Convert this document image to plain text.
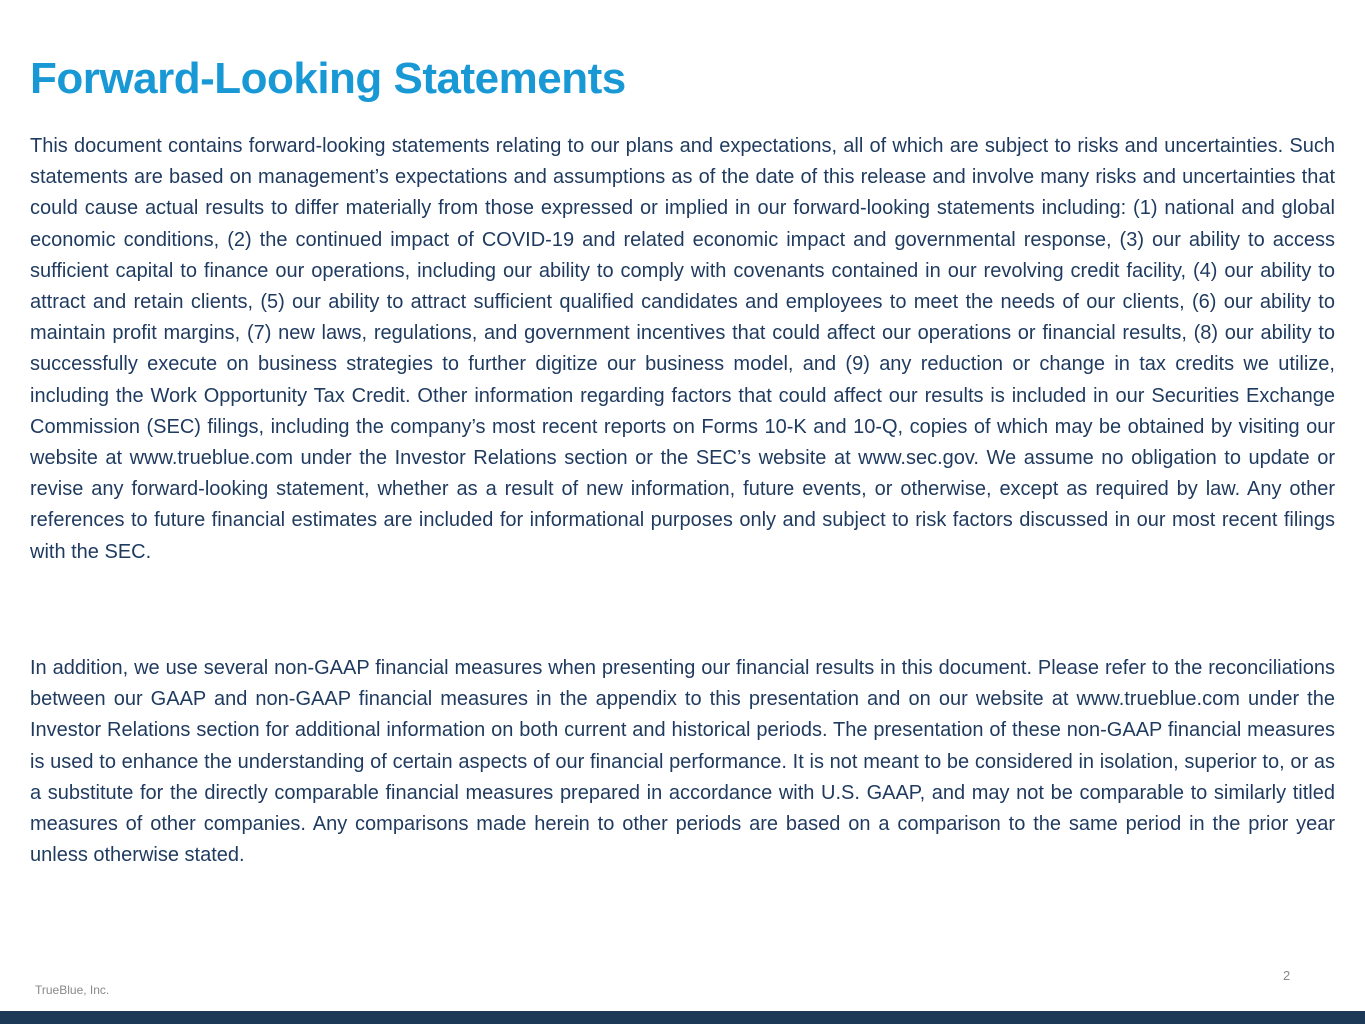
Forward-Looking Statements

This document contains forward-looking statements relating to our plans and expectations, all of which are subject to risks and uncertainties. Such statements are based on management’s expectations and assumptions as of the date of this release and involve many risks and uncertainties that could cause actual results to differ materially from those expressed or implied in our forward-looking statements including: (1) national and global economic conditions, (2) the continued impact of COVID-19 and related economic impact and governmental response, (3) our ability to access sufficient capital to finance our operations, including our ability to comply with covenants contained in our revolving credit facility, (4) our ability to attract and retain clients, (5) our ability to attract sufficient qualified candidates and employees to meet the needs of our clients, (6) our ability to maintain profit margins, (7) new laws, regulations, and government incentives that could affect our operations or financial results, (8) our ability to successfully execute on business strategies to further digitize our business model, and (9) any reduction or change in tax credits we utilize, including the Work Opportunity Tax Credit. Other information regarding factors that could affect our results is included in our Securities Exchange Commission (SEC) filings, including the company’s most recent reports on Forms 10-K and 10-Q, copies of which may be obtained by visiting our website at www.trueblue.com under the Investor Relations section or the SEC’s website at www.sec.gov. We assume no obligation to update or revise any forward-looking statement, whether as a result of new information, future events, or otherwise, except as required by law. Any other references to future financial estimates are included for informational purposes only and subject to risk factors discussed in our most recent filings with the SEC.

In addition, we use several non-GAAP financial measures when presenting our financial results in this document. Please refer to the reconciliations between our GAAP and non-GAAP financial measures in the appendix to this presentation and on our website at www.trueblue.com under the Investor Relations section for additional information on both current and historical periods. The presentation of these non-GAAP financial measures is used to enhance the understanding of certain aspects of our financial performance. It is not meant to be considered in isolation, superior to, or as a substitute for the directly comparable financial measures prepared in accordance with U.S. GAAP, and may not be comparable to similarly titled measures of other companies. Any comparisons made herein to other periods are based on a comparison to the same period in the prior year unless otherwise stated.

TrueBlue, Inc.
2
